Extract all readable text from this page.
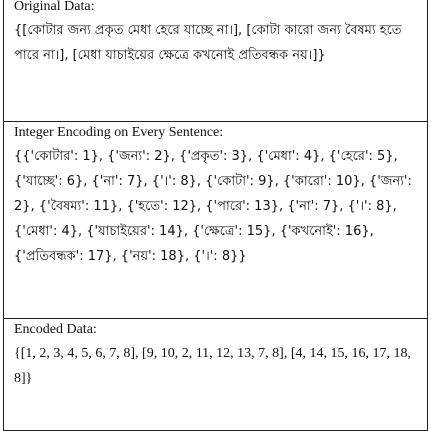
Original Data:
{[কোটার জন্য প্রকৃত মেধা হেরে যাচ্ছে না।], [কোটা কারো জন্য বৈষম্য হতে পারে না।], [মেধা যাচাইয়ের ক্ষেত্রে কখনোই প্রতিবন্ধক নয়।]}
Integer Encoding on Every Sentence:
{{'কোটার': 1}, {'জন্য': 2}, {'প্রকৃত': 3}, {'মেধা': 4}, {'হেরে': 5}, {'যাচ্ছে': 6}, {'না': 7}, {'।': 8}, {'কোটা': 9}, {'কারো': 10}, {'জন্য': 2}, {'বৈষম্য': 11}, {'হতে': 12}, {'পারে': 13}, {'না': 7}, {'।': 8}, {'মেধা': 4}, {'যাচাইয়ের': 14}, {'ক্ষেত্রে': 15}, {'কখনোই': 16}, {'প্রতিবন্ধক': 17}, {'নয়': 18}, {'।': 8}}
Encoded Data:
{[1, 2, 3, 4, 5, 6, 7, 8], [9, 10, 2, 11, 12, 13, 7, 8], [4, 14, 15, 16, 17, 18, 8]}
